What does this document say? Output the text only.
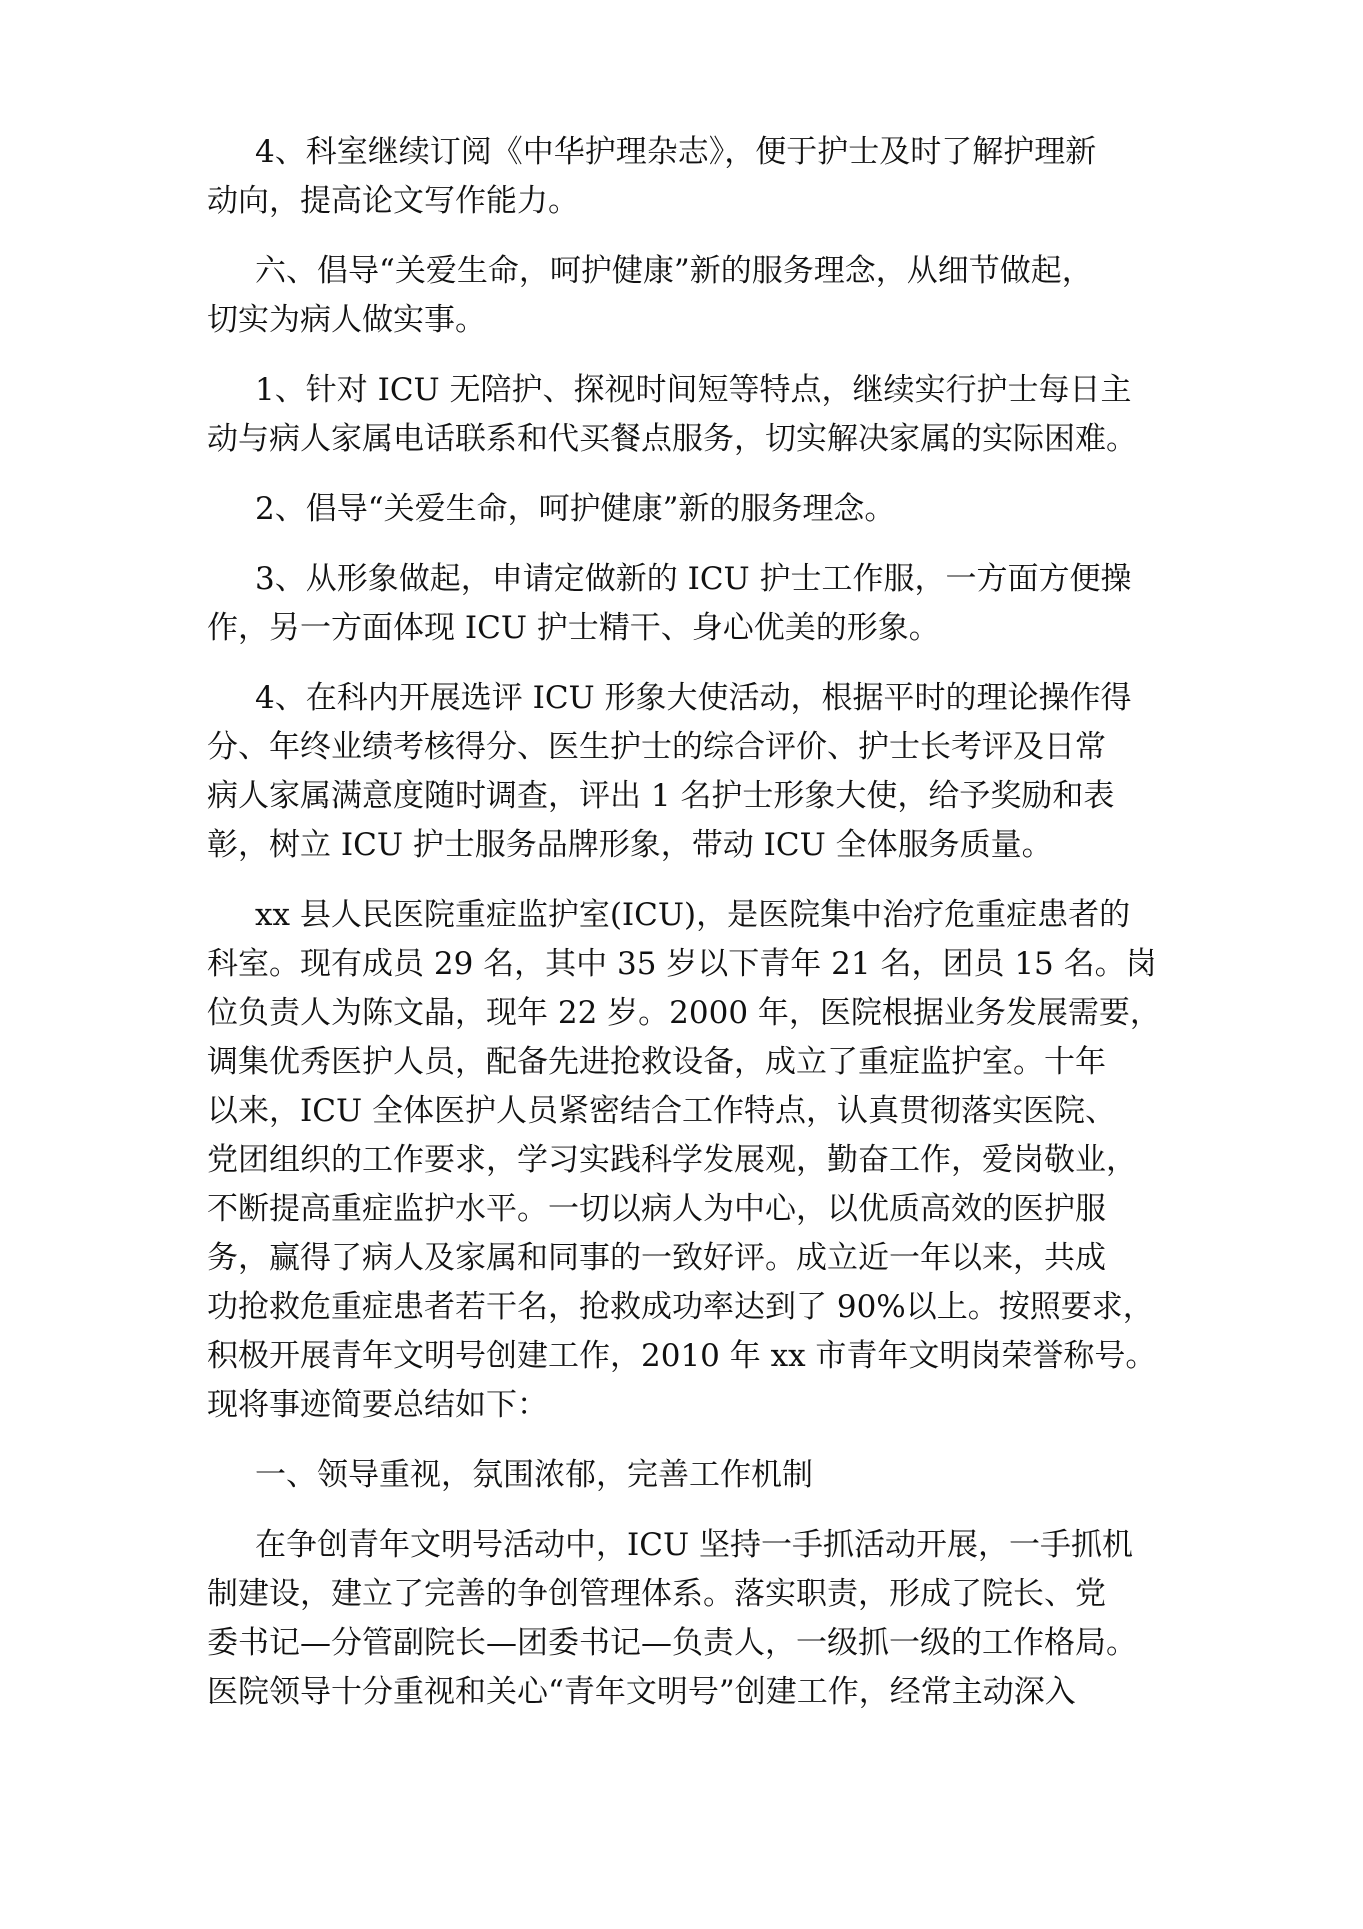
4、科室继续订阅《中华护理杂志》，便于护士及时了解护理新
动向，提高论文写作能力。
六、倡导“关爱生命，呵护健康”新的服务理念，从细节做起，
切实为病人做实事。
1、针对 ICU 无陪护、探视时间短等特点，继续实行护士每日主
动与病人家属电话联系和代买餐点服务，切实解决家属的实际困难。
2、倡导“关爱生命，呵护健康”新的服务理念。
3、从形象做起，申请定做新的 ICU 护士工作服，一方面方便操
作，另一方面体现 ICU 护士精干、身心优美的形象。
4、在科内开展选评 ICU 形象大使活动，根据平时的理论操作得
分、年终业绩考核得分、医生护士的综合评价、护士长考评及日常
病人家属满意度随时调查，评出 1 名护士形象大使，给予奖励和表
彰，树立 ICU 护士服务品牌形象，带动 ICU 全体服务质量。
xx 县人民医院重症监护室(ICU)，是医院集中治疗危重症患者的
科室。现有成员 29 名，其中 35 岁以下青年 21 名，团员 15 名。岗
位负责人为陈文晶，现年 22 岁。2000 年，医院根据业务发展需要，
调集优秀医护人员，配备先进抢救设备，成立了重症监护室。十年
以来，ICU 全体医护人员紧密结合工作特点，认真贯彻落实医院、
党团组织的工作要求，学习实践科学发展观，勤奋工作，爱岗敬业，
不断提高重症监护水平。一切以病人为中心，以优质高效的医护服
务，赢得了病人及家属和同事的一致好评。成立近一年以来，共成
功抢救危重症患者若干名，抢救成功率达到了 90%以上。按照要求，
积极开展青年文明号创建工作，2010 年 xx 市青年文明岗荣誉称号。
现将事迹简要总结如下：
一、领导重视，氛围浓郁，完善工作机制
在争创青年文明号活动中，ICU 坚持一手抓活动开展，一手抓机
制建设，建立了完善的争创管理体系。落实职责，形成了院长、党
委书记—分管副院长—团委书记—负责人，一级抓一级的工作格局。
医院领导十分重视和关心“青年文明号”创建工作，经常主动深入
